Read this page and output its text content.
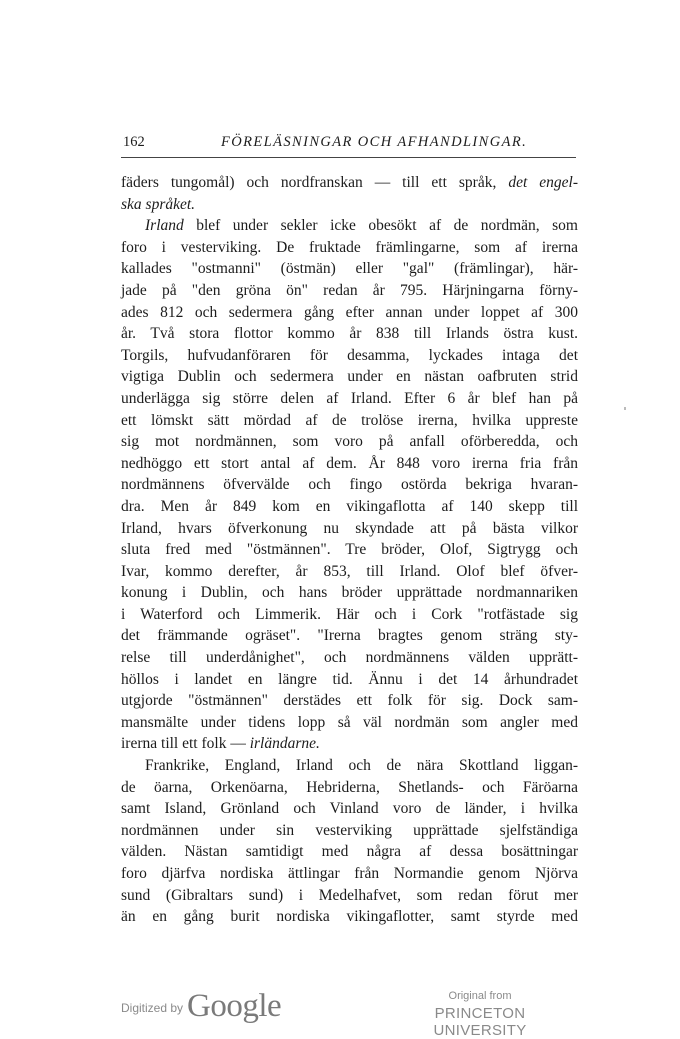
162	FÖRELÄSNINGAR OCH AFHANDLINGAR.
fäders tungomål) och nordfranskan — till ett språk, det engel-
ska språket.
Irland blef under sekler icke obesökt af de nordmän, som
foro i vesterviking. De fruktade främlingarne, som af irerna
kallades "ostmanni" (östmän) eller "gal" (främlingar), här-
jade på "den gröna ön" redan år 795. Härjningarna förny-
ades 812 och sedermera gång efter annan under loppet af 300
år. Två stora flottor kommo år 838 till Irlands östra kust.
Torgils, hufvudanföraren för desamma, lyckades intaga det
vigtiga Dublin och sedermera under en nästan oafbruten strid
underlägga sig större delen af Irland. Efter 6 år blef han på
ett lömskt sätt mördad af de trolöse irerna, hvilka uppreste
sig mot nordmännen, som voro på anfall oförberedda, och
nedhöggo ett stort antal af dem. År 848 voro irerna fria från
nordmännens öfvervälde och fingo ostörda bekriga hvaran-
dra. Men år 849 kom en vikingaflotta af 140 skepp till
Irland, hvars öfverkonung nu skyndade att på bästa vilkor
sluta fred med "östmännen". Tre bröder, Olof, Sigtrygg och
Ivar, kommo derefter, år 853, till Irland. Olof blef öfver-
konung i Dublin, och hans bröder upprättade nordmannariken
i Waterford och Limmerik. Här och i Cork "rotfästade sig
det främmande ogräset". "Irerna bragtes genom sträng sty-
relse till underdånighet", och nordmännens välden upprätt-
höllos i landet en längre tid. Ännu i det 14 århundradet
utgjorde "östmännen" derstädes ett folk för sig. Dock sam-
mansmälte under tidens lopp så väl nordmän som angler med
irerna till ett folk — irländarne.
Frankrike, England, Irland och de nära Skottland liggan-
de öarna, Orkenöarna, Hebriderna, Shetlands- och Färöarna
samt Island, Grönland och Vinland voro de länder, i hvilka
nordmännen under sin vesterviking upprättade sjelfständiga
välden. Nästan samtidigt med några af dessa bosättningar
foro djärfva nordiska ättlingar från Normandie genom Njörva
sund (Gibraltars sund) i Medelhafvet, som redan förut mer
än en gång burit nordiska vikingaflotter, samt styrde med
$^{Digitized by}$ Google	Original from
PRINCETON UNIVERSITY
